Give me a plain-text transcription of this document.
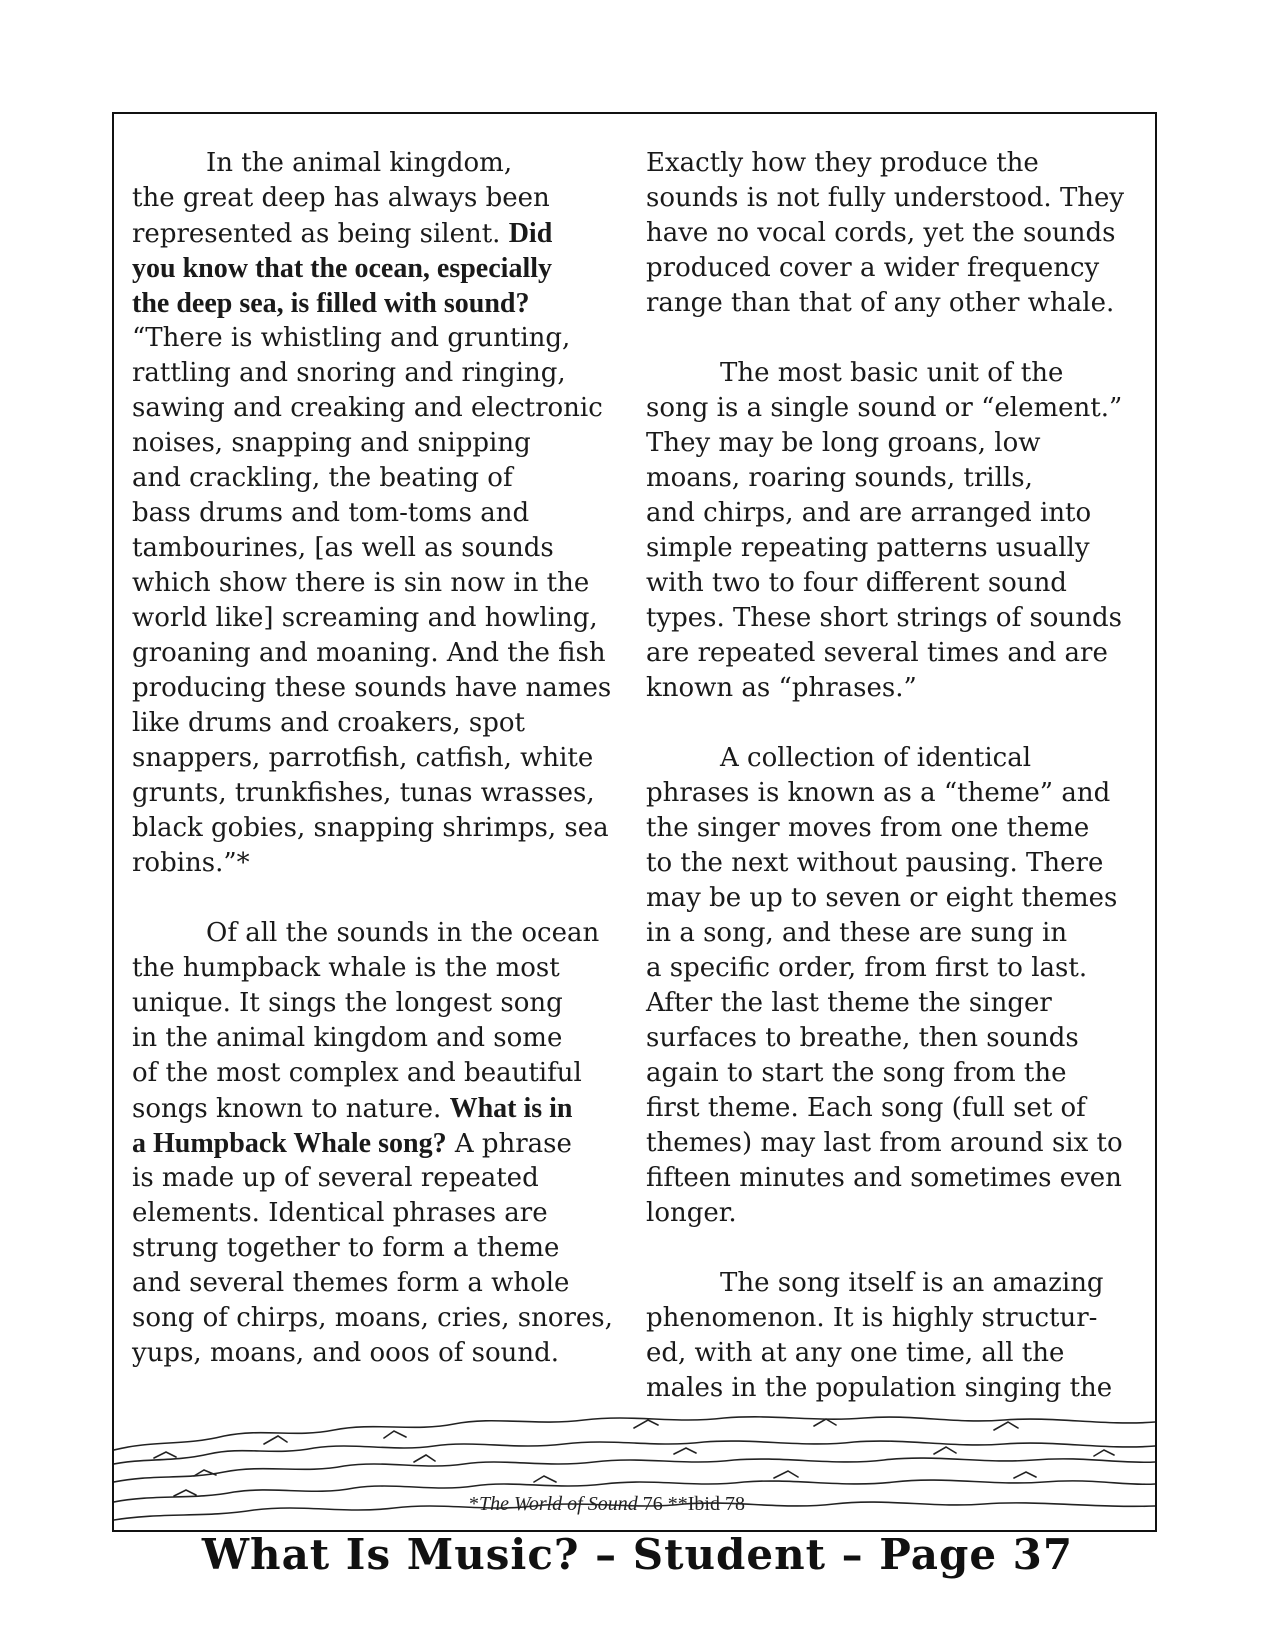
In the animal kingdom,
the great deep has always been
represented as being silent. Did
you know that the ocean, especially
the deep sea, is filled with sound?
“There is whistling and grunting,
rattling and snoring and ringing,
sawing and creaking and electronic
noises, snapping and snipping
and crackling, the beating of
bass drums and tom-toms and
tambourines, [as well as sounds
which show there is sin now in the
world like] screaming and howling,
groaning and moaning. And the fish
producing these sounds have names
like drums and croakers, spot
snappers, parrotfish, catfish, white
grunts, trunkfishes, tunas wrasses,
black gobies, snapping shrimps, sea
robins.”*
Of all the sounds in the ocean
the humpback whale is the most
unique. It sings the longest song
in the animal kingdom and some
of the most complex and beautiful
songs known to nature. What is in
a Humpback Whale song? A phrase
is made up of several repeated
elements. Identical phrases are
strung together to form a theme
and several themes form a whole
song of chirps, moans, cries, snores,
yups, moans, and ooos of sound.
Exactly how they produce the
sounds is not fully understood. They
have no vocal cords, yet the sounds
produced cover a wider frequency
range than that of any other whale.
The most basic unit of the
song is a single sound or “element.”
They may be long groans, low
moans, roaring sounds, trills,
and chirps, and are arranged into
simple repeating patterns usually
with two to four different sound
types. These short strings of sounds
are repeated several times and are
known as “phrases.”
A collection of identical
phrases is known as a “theme” and
the singer moves from one theme
to the next without pausing. There
may be up to seven or eight themes
in a song, and these are sung in
a specific order, from first to last.
After the last theme the singer
surfaces to breathe, then sounds
again to start the song from the
first theme. Each song (full set of
themes) may last from around six to
fifteen minutes and sometimes even
longer.
The song itself is an amazing
phenomenon. It is highly structur-
ed, with at any one time, all the
males in the population singing the
*The World of Sound 76 **Ibid 78
What Is Music? – Student – Page 37
